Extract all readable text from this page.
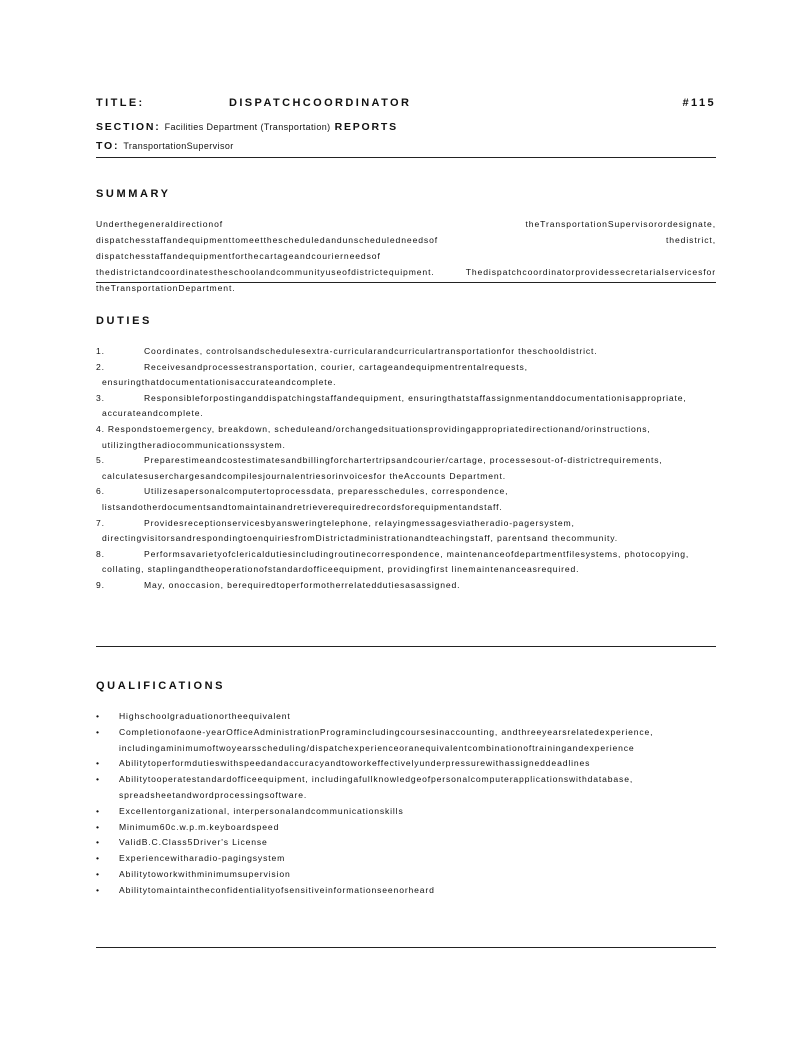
TITLE:	DISPATCHCOORDINATOR	#115
SECTION: Facilities Department (Transportation) REPORTS
TO: TransportationSupervisor
SUMMARY
Underthegeneraldirectionof theTransportationSupervisorordesignate, dispatchesstaffandequipmenttomeetthescheduledandunscheduledneedsof thedistrict, dispatchesstaffandequipmentforthecartageandcourierneedsof thedistrictandcoordinatestheschoolandcommunityuseofdistrictequipment. Thedispatchcoordinatorprovidessecretarialservicesfor theTransportationDepartment.
DUTIES
1.	Coordinates, controlsandschedulesextra-curricularandcurriculartransportationfor theschooldistrict.
2.	Receivesandprocessestransportation, courier, cartageandequipmentrentalrequests, ensuringthatdocumentationisaccurateandcomplete.
3.	Responsibleforpostinganddispatchingstaffandequipment, ensuringthatstaffassignmentanddocumentationisappropriate, accurateandcomplete.
4. Respondstoemergency, breakdown, scheduleand/orchangedsituationsprovidingappropriatedirectionand/orinstructions, utilizingtheradiocommunicationssystem.
5.	Preparestimeandcostestimatesandbillingforchartertripsandcourier/cartage, processesout-of-districtrequirements, calculatesuserchargesandcompilesjournalentriesorinvoicesfor theAccounts Department.
6.	Utilizesapersonalcomputertoprocessdata, preparesschedules, correspondence, listsandotherdocumentsandtomaintainandretrieverequiredrecordsforequipmentandstaff.
7.	Providesreceptionservicesbyansweringtelephone, relayingmessagesviatheradio-pagersystem, directingvisitorsandrespondingtoenquiriesfromDistrictadministrationandteachingstaff, parentsand thecommunity.
8.	Performsavarietyofclericaldutiesincludingroutinecorrespondence, maintenanceofdepartmentfilesystems, photocopying, collating, staplingandtheoperationofstandardofficeequipment, providingfirst linemaintenanceasrequired.
9.	May, onoccasion, berequiredtoperformotherrelateddutiesasassigned.
QUALIFICATIONS
• Highschoolgraduationortheequivalent
• Completionofaone-yearOfficeAdministrationProgramincludingcoursesinaccounting, andthreeyearsrelatedexperience, includingaminimumoftwoyearsscheduling/dispatchexperienceoranequivalentcombinationoftrainingandexperience
• Abilitytoperformdutieswithspeedandaccuracyandtoworkeffectivelyunderpressurewithassigneddeadlines
• Abilitytooperatestandardofficeequipment, includingafullknowledgeofpersonalcomputerapplicationswithdatabase, spreadsheetandwordprocessingsoftware.
• Excellentorganizational, interpersonalandcommunicationskills
• Minimum60c.w.p.m.keyboardspeed
• ValidB.C.Class5Driver's License
• Experiencewitharadio-pagingsystem
• Abilitytoworkwithminimumsupervision
• Abilitytomaintaintheconfidentialityofsensitiveinformationseenorheard
